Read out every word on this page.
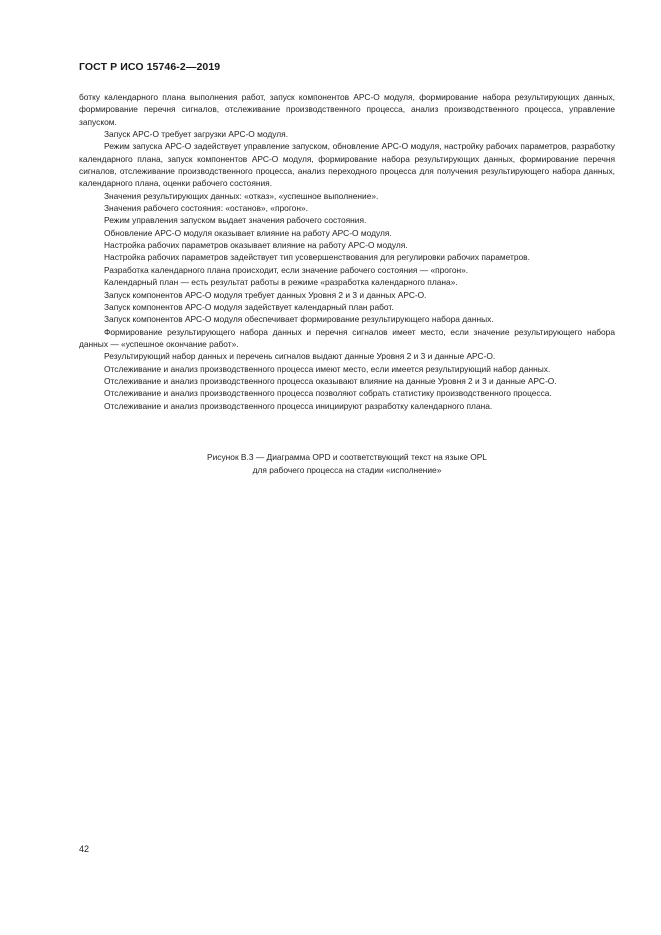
ГОСТ Р ИСО 15746-2—2019

ботку календарного плана выполнения работ, запуск компонентов АРС-О модуля, формирование набора результирующих данных, формирование перечня сигналов, отслеживание производственного процесса, анализ производственного процесса, управление запуском.

Запуск АРС-О требует загрузки АРС-О модуля.

Режим запуска АРС-О задействует управление запуском, обновление АРС-О модуля, настройку рабочих параметров, разработку календарного плана, запуск компонентов АРС-О модуля, формирование набора результирующих данных, формирование перечня сигналов, отслеживание производственного процесса, анализ переходного процесса для получения результирующего набора данных, календарного плана, оценки рабочего состояния.

Значения результирующих данных: «отказ», «успешное выполнение».

Значения рабочего состояния: «останов», «прогон».

Режим управления запуском выдает значения рабочего состояния.

Обновление АРС-О модуля оказывает влияние на работу АРС-О модуля.

Настройка рабочих параметров оказывает влияние на работу АРС-О модуля.

Настройка рабочих параметров задействует тип усовершенствования для регулировки рабочих параметров.

Разработка календарного плана происходит, если значение рабочего состояния — «прогон».

Календарный план — есть результат работы в режиме «разработка календарного плана».

Запуск компонентов АРС-О модуля требует данных Уровня 2 и 3 и данных АРС-О.

Запуск компонентов АРС-О модуля задействует календарный план работ.

Запуск компонентов АРС-О модуля обеспечивает формирование результирующего набора данных.

Формирование результирующего набора данных и перечня сигналов имеет место, если значение результирующего набора данных — «успешное окончание работ».

Результирующий набор данных и перечень сигналов выдают данные Уровня 2 и 3 и данные АРС-О.

Отслеживание и анализ производственного процесса имеют место, если имеется результирующий набор данных.

Отслеживание и анализ производственного процесса оказывают влияние на данные Уровня 2 и 3 и данные АРС-О.

Отслеживание и анализ производственного процесса позволяют собрать статистику производственного процесса.

Отслеживание и анализ производственного процесса инициируют разработку календарного плана.

Рисунок В.3 — Диаграмма OPD и соответствующий текст на языке OPL
для рабочего процесса на стадии «исполнение»
42
